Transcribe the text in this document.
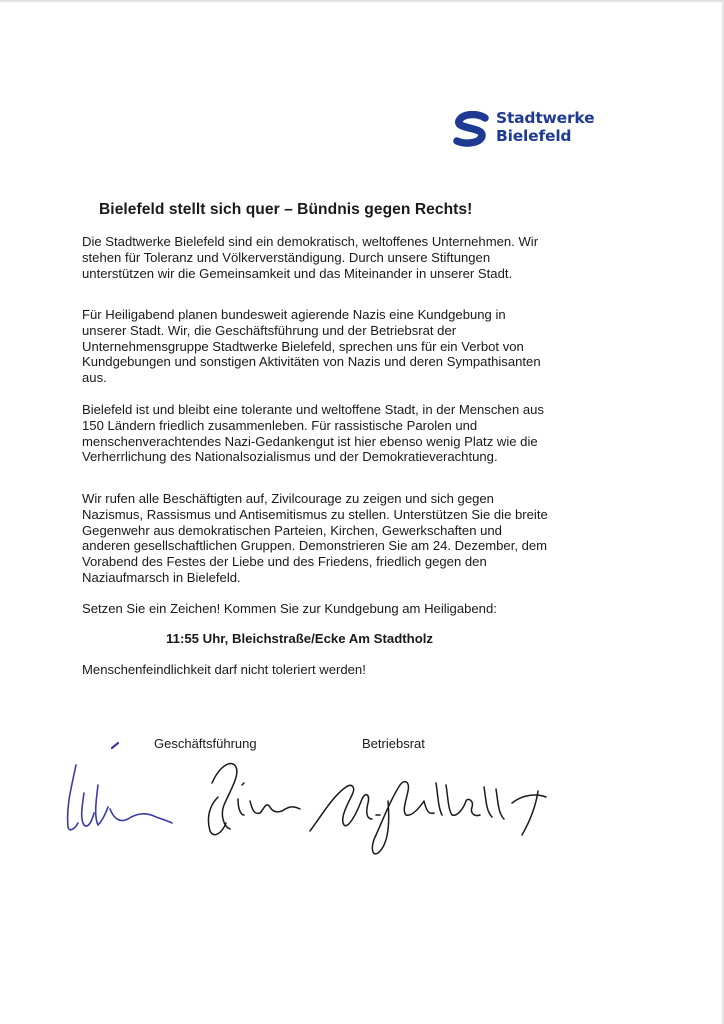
Stadtwerke
Bielefeld
Bielefeld stellt sich quer – Bündnis gegen Rechts!

Die Stadtwerke Bielefeld sind ein demokratisch, weltoffenes Unternehmen. Wir stehen für Toleranz und Völkerverständigung. Durch unsere Stiftungen unterstützen wir die Gemeinsamkeit und das Miteinander in unserer Stadt.

Für Heiligabend planen bundesweit agierende Nazis eine Kundgebung in unserer Stadt. Wir, die Geschäftsführung und der Betriebsrat der Unternehmensgruppe Stadtwerke Bielefeld, sprechen uns für ein Verbot von Kundgebungen und sonstigen Aktivitäten von Nazis und deren Sympathisanten aus.

Bielefeld ist und bleibt eine tolerante und weltoffene Stadt, in der Menschen aus 150 Ländern friedlich zusammenleben. Für rassistische Parolen und menschenverachtendes Nazi-Gedankengut ist hier ebenso wenig Platz wie die Verherrlichung des Nationalsozialismus und der Demokratieverachtung.

Wir rufen alle Beschäftigten auf, Zivilcourage zu zeigen und sich gegen Nazismus, Rassismus und Antisemitismus zu stellen. Unterstützen Sie die breite Gegenwehr aus demokratischen Parteien, Kirchen, Gewerkschaften und anderen gesellschaftlichen Gruppen. Demonstrieren Sie am 24. Dezember, dem Vorabend des Festes der Liebe und des Friedens, friedlich gegen den Naziaufmarsch in Bielefeld.

Setzen Sie ein Zeichen! Kommen Sie zur Kundgebung am Heiligabend:

11:55 Uhr, Bleichstraße/Ecke Am Stadtholz

Menschenfeindlichkeit darf nicht toleriert werden!

Geschäftsführung	Betriebsrat
